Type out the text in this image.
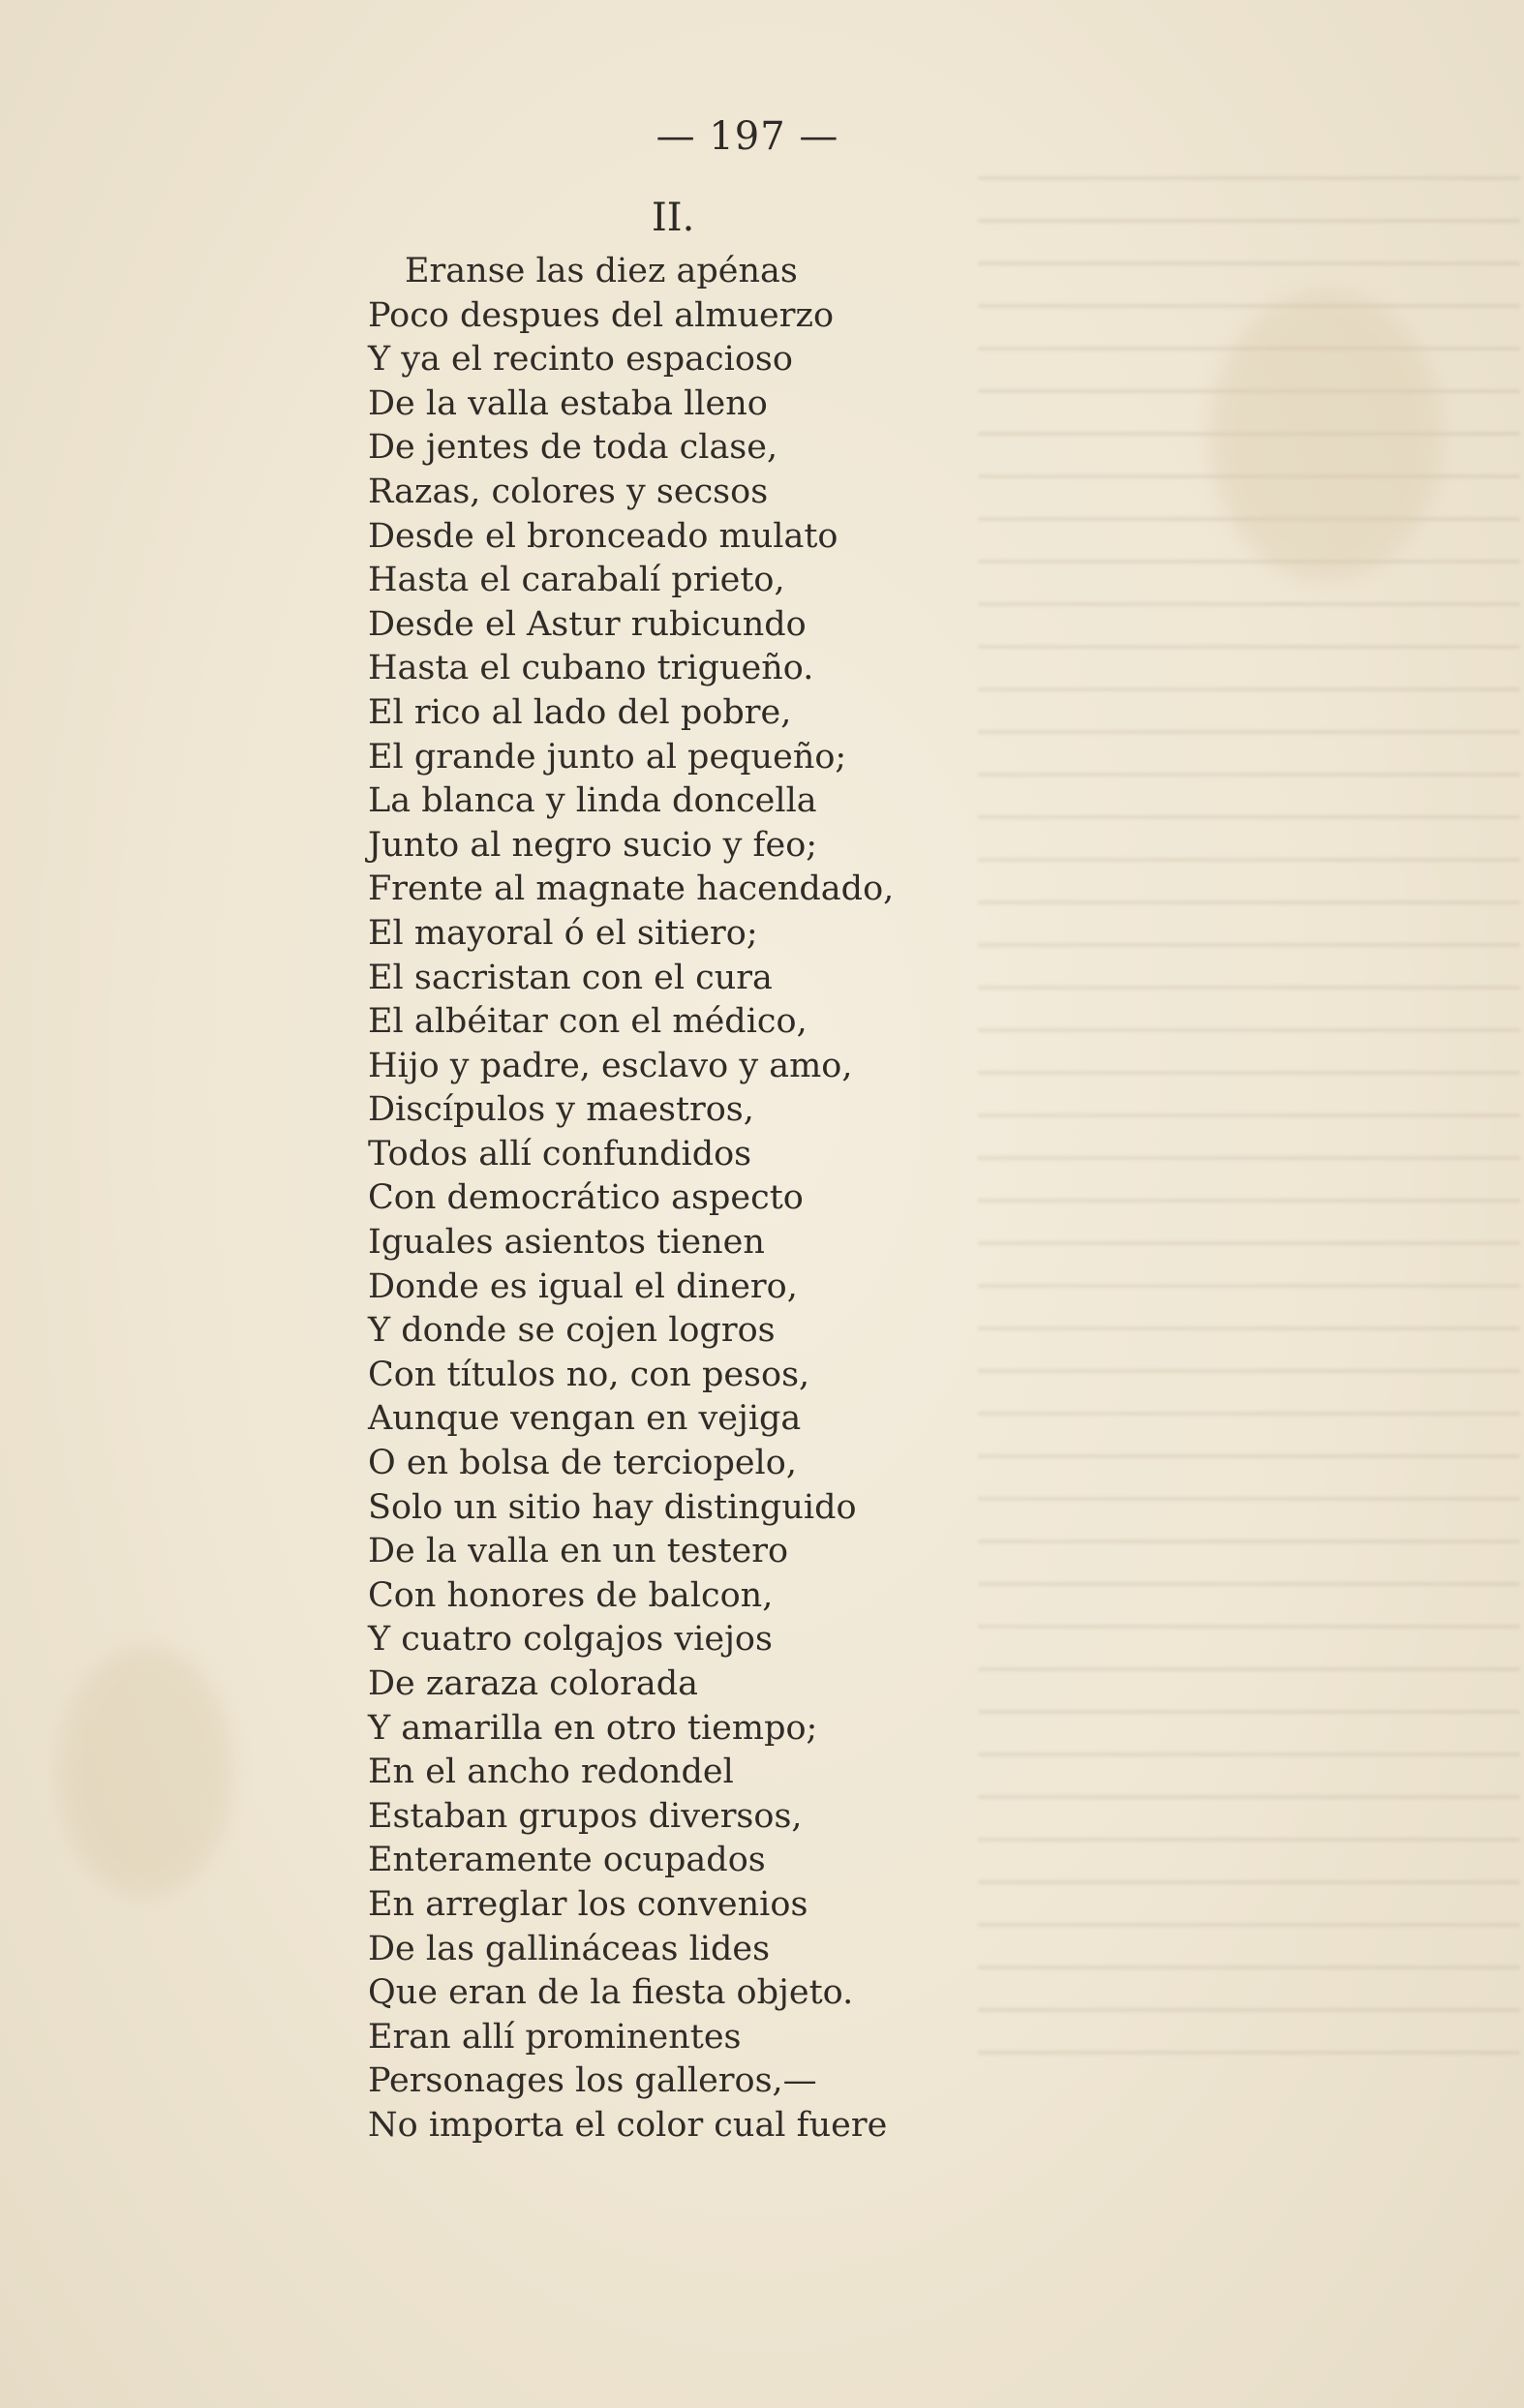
— 197 —
II.
Eranse las diez apénas
Poco despues del almuerzo
Y ya el recinto espacioso
De la valla estaba lleno
De jentes de toda clase,
Razas, colores y secsos
Desde el bronceado mulato
Hasta el carabalí prieto,
Desde el Astur rubicundo
Hasta el cubano trigueño.
El rico al lado del pobre,
El grande junto al pequeño;
La blanca y linda doncella
Junto al negro sucio y feo;
Frente al magnate hacendado,
El mayoral ó el sitiero;
El sacristan con el cura
El albéitar con el médico,
Hijo y padre, esclavo y amo,
Discípulos y maestros,
Todos allí confundidos
Con democrático aspecto
Iguales asientos tienen
Donde es igual el dinero,
Y donde se cojen logros
Con títulos no, con pesos,
Aunque vengan en vejiga
O en bolsa de terciopelo,
Solo un sitio hay distinguido
De la valla en un testero
Con honores de balcon,
Y cuatro colgajos viejos
De zaraza colorada
Y amarilla en otro tiempo;
En el ancho redondel
Estaban grupos diversos,
Enteramente ocupados
En arreglar los convenios
De las gallináceas lides
Que eran de la fiesta objeto.
Eran allí prominentes
Personages los galleros,—
No importa el color cual fuere
